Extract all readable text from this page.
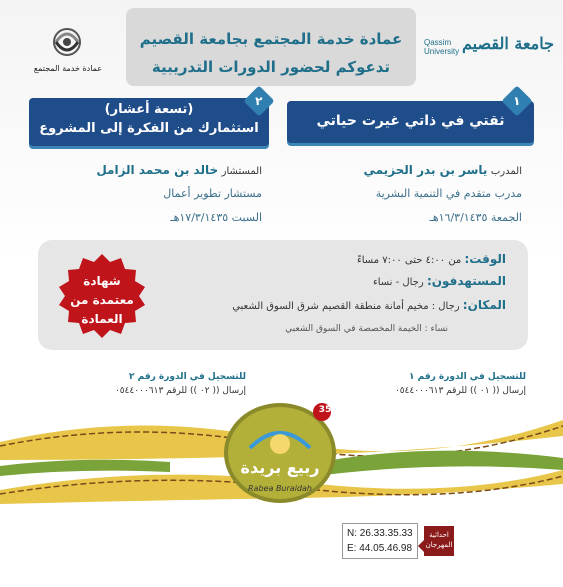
عمادة خدمة المجتمع بجامعة القصيم
تدعوكم لحضور الدورات التدريبية
Qassim
University جامعة القصيم
عمادة خدمة المجتمع
ثقتي في ذاتي غيرت حياتي
١
(تسعة أعشار)
استثمارك من الفكرة إلى المشروع
٢
المدرب ياسر بن بدر الحزيمي
مدرب متقدم في التنمية البشرية
الجمعة ١٦/٣/١٤٣٥هـ
المستشار خالد بن محمد الزامل
مستشار تطوير أعمال
السبت ١٧/٣/١٤٣٥هـ
الوقت: من ٤:٠٠ حتى ٧:٠٠ مساءً
المستهدفون: رجال - نساء
المكان: رجال : مخيم أمانة منطقة القصيم شرق السوق الشعبي
نساء : الخيمة المخصصة في السوق الشعبي
شهادة
معتمدة من
العمادة
للتسجيل في الدورة رقم ١
إرسال (( ٠١ )) للرقم ٠٥٤٤٠٠٠٦١٣
للتسجيل في الدورة رقم ٢
إرسال (( ٠٢ )) للرقم ٠٥٤٤٠٠٠٦١٣
35
ربيع بريدة
Rabea Buraidah
N: 26.33.35.33
E: 44.05.46.98
احداثية المهرجان
